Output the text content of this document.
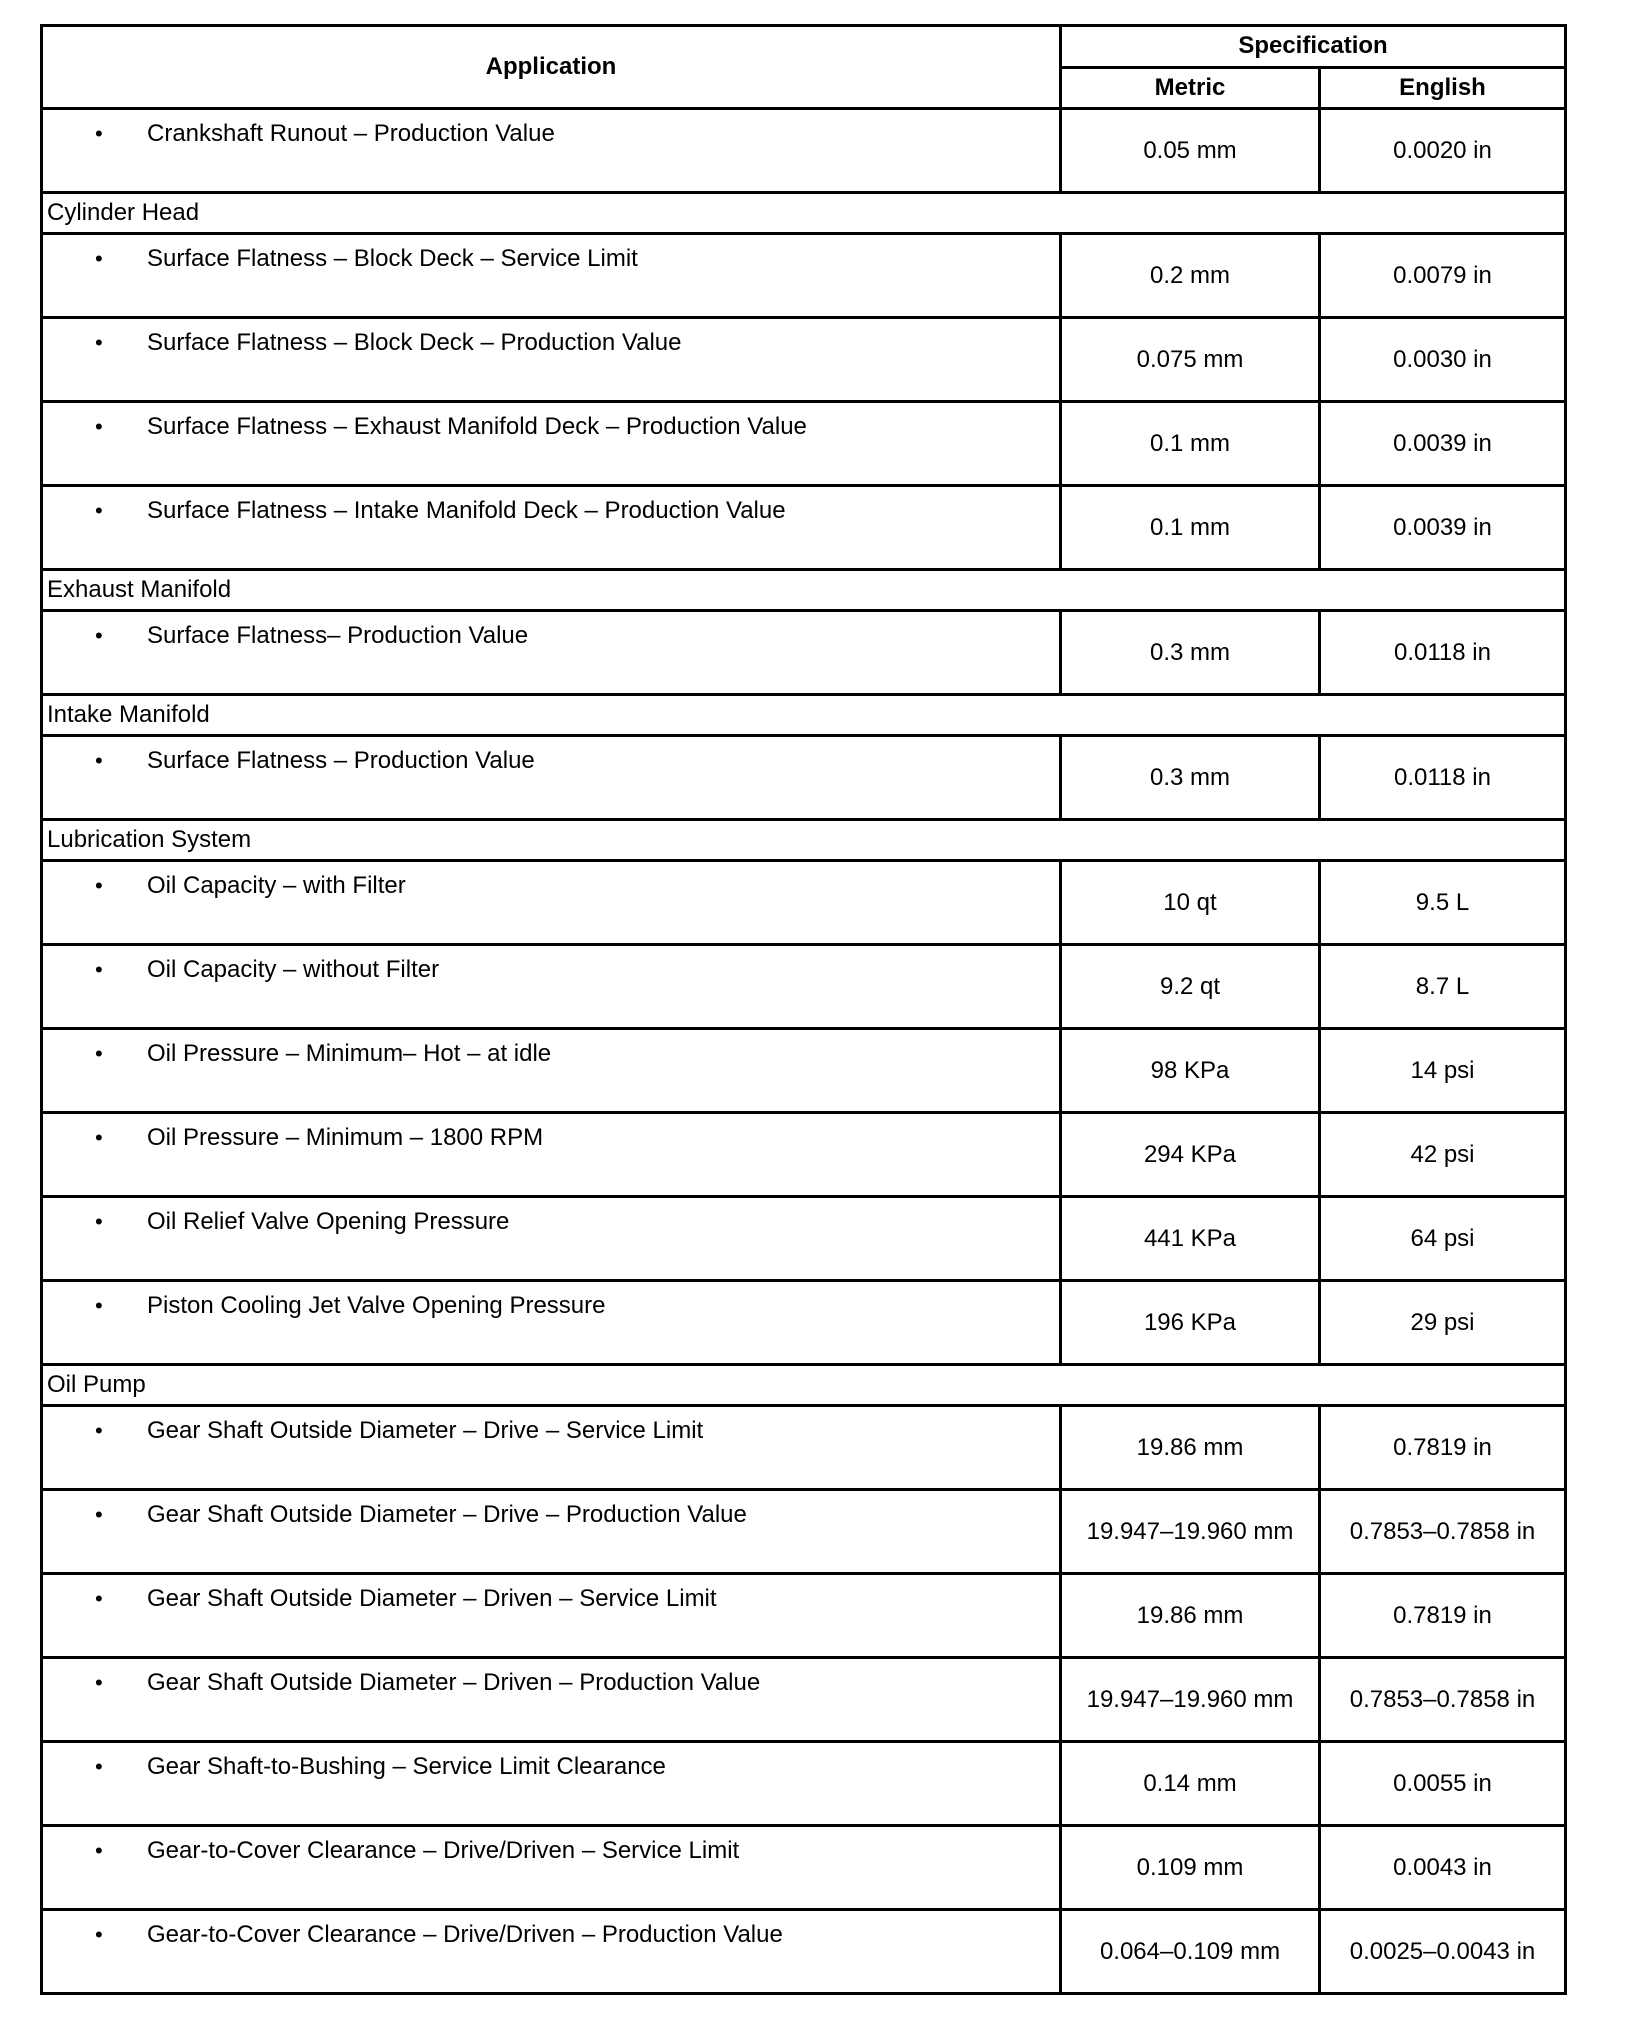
Application	Specification	
	Metric	English

• Crankshaft Runout – Production Value	0.05 mm	0.0020 in
Cylinder Head		

• Surface Flatness – Block Deck – Service Limit	0.2 mm	0.0079 in

• Surface Flatness – Block Deck – Production Value	0.075 mm	0.0030 in

• Surface Flatness – Exhaust Manifold Deck – Production Value	0.1 mm	0.0039 in

• Surface Flatness – Intake Manifold Deck – Production Value	0.1 mm	0.0039 in
Exhaust Manifold		

• Surface Flatness– Production Value	0.3 mm	0.0118 in
Intake Manifold		

• Surface Flatness – Production Value	0.3 mm	0.0118 in
Lubrication System		

• Oil Capacity – with Filter	10 qt	9.5 L

• Oil Capacity – without Filter	9.2 qt	8.7 L

• Oil Pressure – Minimum– Hot – at idle	98 KPa	14 psi

• Oil Pressure – Minimum – 1800 RPM	294 KPa	42 psi

• Oil Relief Valve Opening Pressure	441 KPa	64 psi

• Piston Cooling Jet Valve Opening Pressure	196 KPa	29 psi
Oil Pump		

• Gear Shaft Outside Diameter – Drive – Service Limit	19.86 mm	0.7819 in

• Gear Shaft Outside Diameter – Drive – Production Value	19.947–19.960 mm	0.7853–0.7858 in

• Gear Shaft Outside Diameter – Driven – Service Limit	19.86 mm	0.7819 in

• Gear Shaft Outside Diameter – Driven – Production Value	19.947–19.960 mm	0.7853–0.7858 in

• Gear Shaft-to-Bushing – Service Limit Clearance	0.14 mm	0.0055 in

• Gear-to-Cover Clearance – Drive/Driven – Service Limit	0.109 mm	0.0043 in

• Gear-to-Cover Clearance – Drive/Driven – Production Value	0.064–0.109 mm	0.0025–0.0043 in
